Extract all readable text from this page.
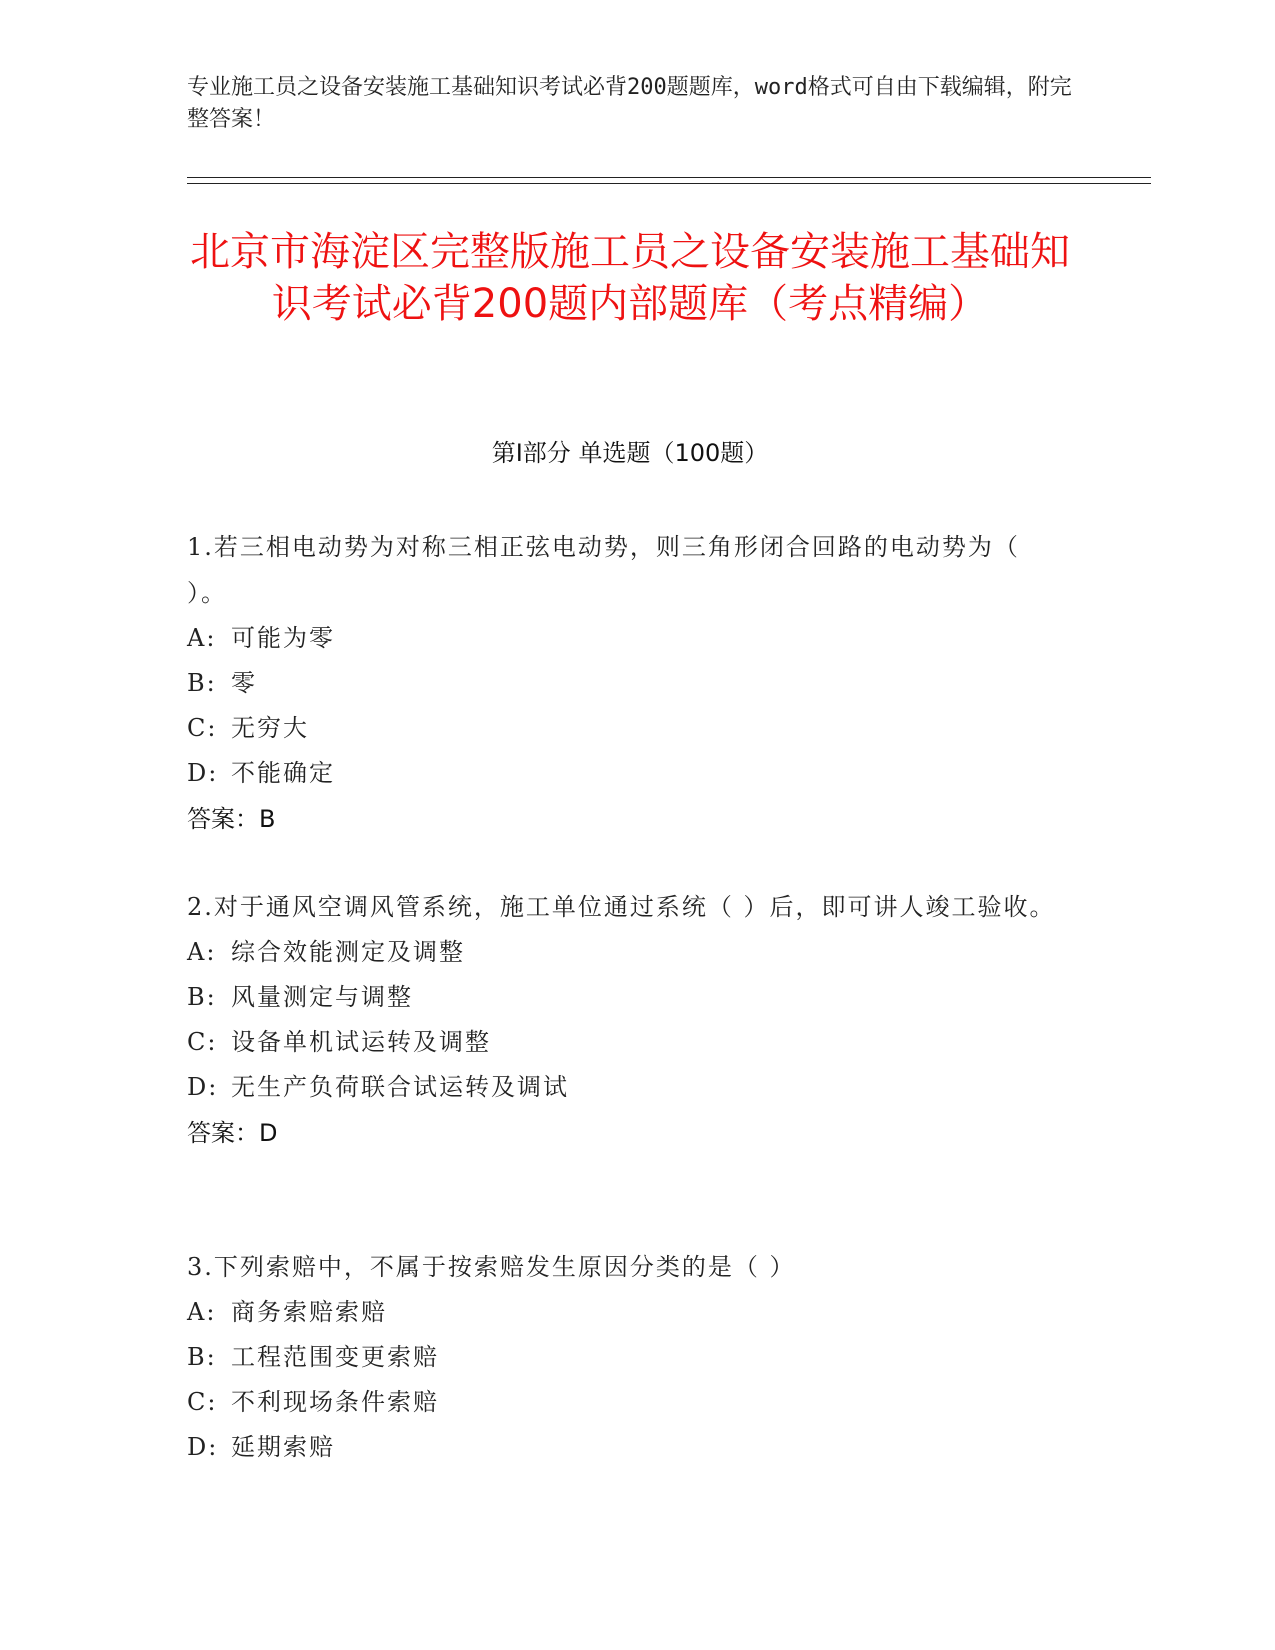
专业施工员之设备安装施工基础知识考试必背200题题库，word格式可自由下载编辑，附完整答案！

北京市海淀区完整版施工员之设备安装施工基础知识考试必背200题内部题库（考点精编）
第Ⅰ部分 单选题（100题）

1.若三相电动势为对称三相正弦电动势，则三角形闭合回路的电动势为（ ）。

A: 可能为零

B: 零

C: 无穷大

D: 不能确定

答案：B

2.对于通风空调风管系统，施工单位通过系统（ ）后，即可讲人竣工验收。

A: 综合效能测定及调整

B: 风量测定与调整

C: 设备单机试运转及调整

D: 无生产负荷联合试运转及调试

答案：D

3.下列索赔中，不属于按索赔发生原因分类的是（ ）

A: 商务索赔索赔

B: 工程范围变更索赔

C: 不利现场条件索赔

D: 延期索赔
